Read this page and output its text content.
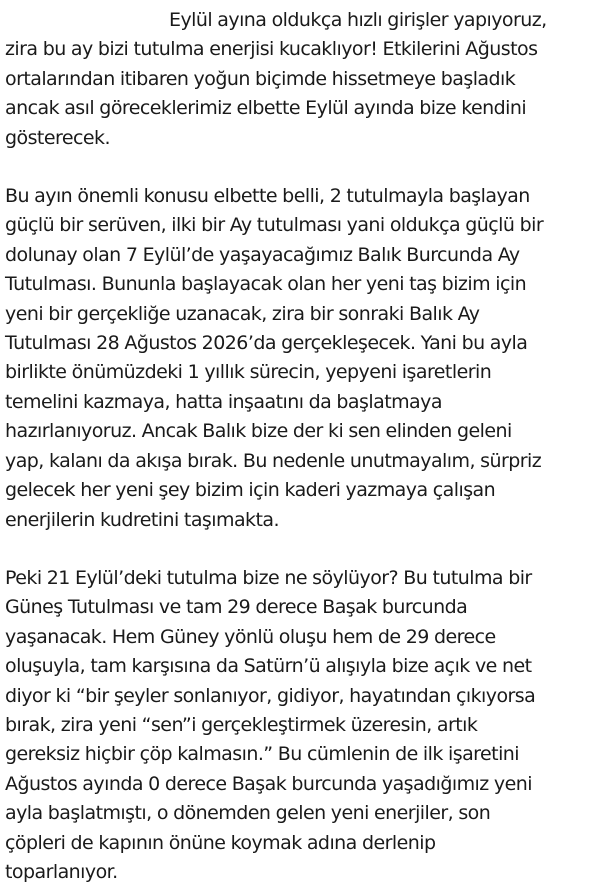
Eylül ayına oldukça hızlı girişler yapıyoruz,
zira bu ay bizi tutulma enerjisi kucaklıyor! Etkilerini Ağustos
ortalarından itibaren yoğun biçimde hissetmeye başladık
ancak asıl göreceklerimiz elbette Eylül ayında bize kendini
gösterecek.

Bu ayın önemli konusu elbette belli, 2 tutulmayla başlayan
güçlü bir serüven, ilki bir Ay tutulması yani oldukça güçlü bir
dolunay olan 7 Eylül’de yaşayacağımız Balık Burcunda Ay
Tutulması. Bununla başlayacak olan her yeni taş bizim için
yeni bir gerçekliğe uzanacak, zira bir sonraki Balık Ay
Tutulması 28 Ağustos 2026’da gerçekleşecek. Yani bu ayla
birlikte önümüzdeki 1 yıllık sürecin, yepyeni işaretlerin
temelini kazmaya, hatta inşaatını da başlatmaya
hazırlanıyoruz. Ancak Balık bize der ki sen elinden geleni
yap, kalanı da akışa bırak. Bu nedenle unutmayalım, sürpriz
gelecek her yeni şey bizim için kaderi yazmaya çalışan
enerjilerin kudretini taşımakta.

Peki 21 Eylül’deki tutulma bize ne söylüyor? Bu tutulma bir
Güneş Tutulması ve tam 29 derece Başak burcunda
yaşanacak. Hem Güney yönlü oluşu hem de 29 derece
oluşuyla, tam karşısına da Satürn’ü alışıyla bize açık ve net
diyor ki “bir şeyler sonlanıyor, gidiyor, hayatından çıkıyorsa
bırak, zira yeni “sen”i gerçekleştirmek üzeresin, artık
gereksiz hiçbir çöp kalmasın.” Bu cümlenin de ilk işaretini
Ağustos ayında 0 derece Başak burcunda yaşadığımız yeni
ayla başlatmıştı, o dönemden gelen yeni enerjiler, son
çöpleri de kapının önüne koymak adına derlenip
toparlanıyor.
